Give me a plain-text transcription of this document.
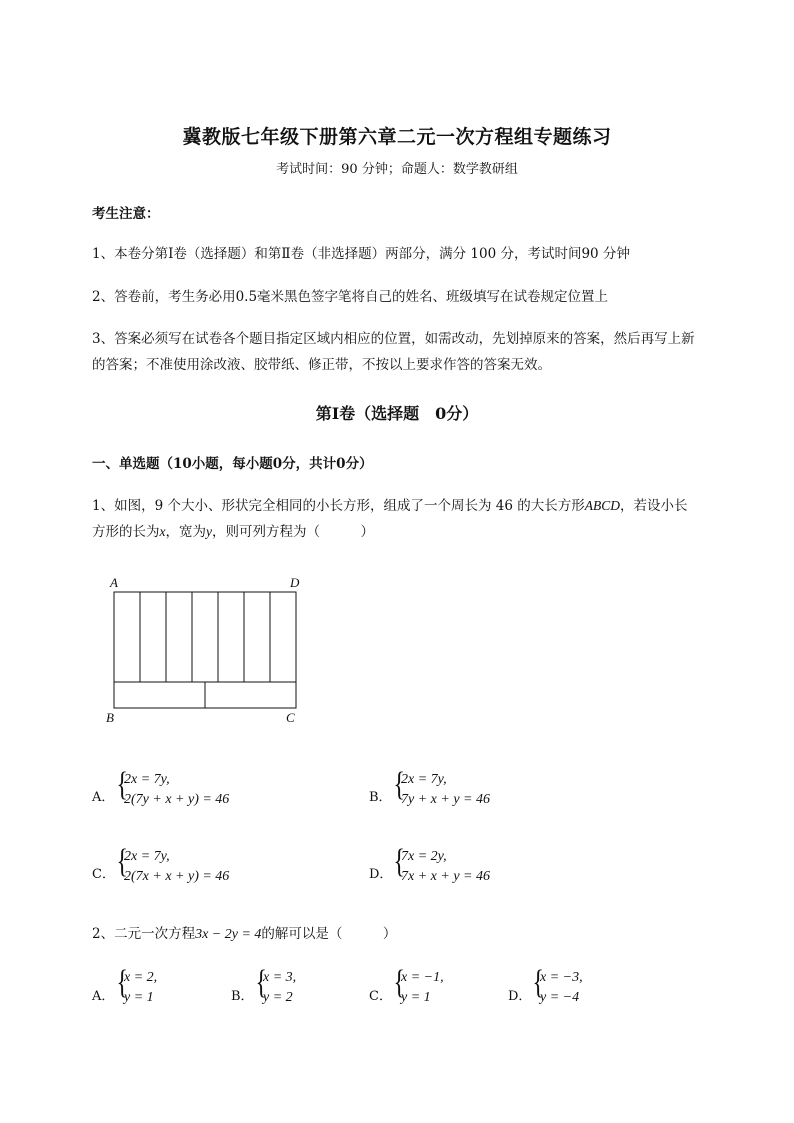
冀教版七年级下册第六章二元一次方程组专题练习
考试时间：90 分钟；命题人：数学教研组
考生注意：
1、本卷分第Ⅰ卷（选择题）和第Ⅱ卷（非选择题）两部分，满分 100 分，考试时间90 分钟
2、答卷前，考生务必用0.5毫米黑色签字笔将自己的姓名、班级填写在试卷规定位置上
3、答案必须写在试卷各个题目指定区域内相应的位置，如需改动，先划掉原来的答案，然后再写上新
的答案；不准使用涂改液、胶带纸、修正带，不按以上要求作答的答案无效。
第Ⅰ卷（选择题　0分）
一、单选题（10小题，每小题0分，共计0分）
1、如图，9 个大小、形状完全相同的小长方形，组成了一个周长为 46 的大长方形ABCD，若设小长
方形的长为x，宽为y，则可列方程为（　　　）
A	D
B	C
A． {
2x = 7y,
2(7y + x + y) = 46	B． {
2x = 7y,
7y + x + y = 46
C． {
2x = 7y,
2(7x + x + y) = 46	D． {
7x = 2y,
7x + x + y = 46
2、二元一次方程3x − 2y = 4的解可以是（　　　）
A． {
x = 2,
y = 1	B． {
x = 3,
y = 2	C． {
x = −1,
y = 1	D． {
x = −3,
y = −4
